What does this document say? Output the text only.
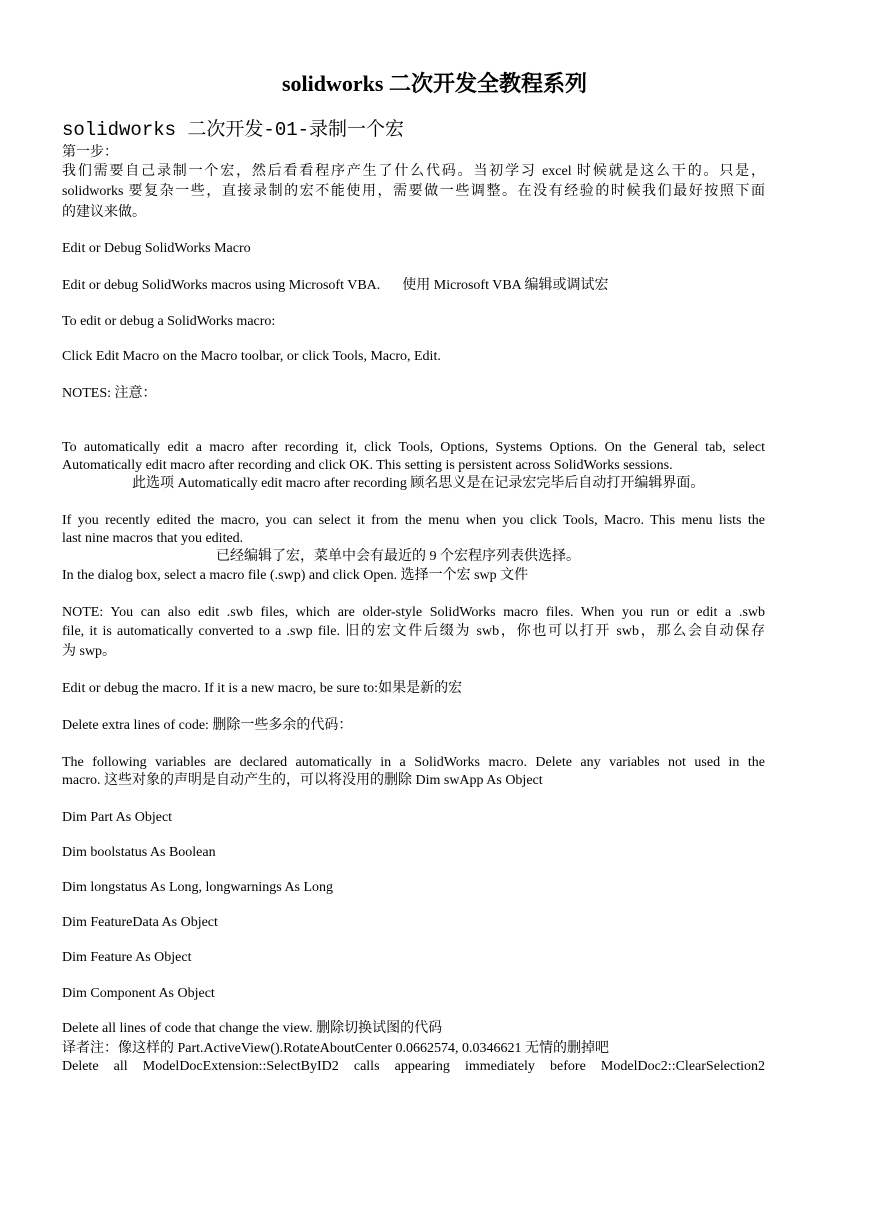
solidworks 二次开发全教程系列
solidworks 二次开发-01-录制一个宏
第一步：
我们需要自己录制一个宏，然后看看程序产生了什么代码。当初学习 excel 时候就是这么干的。只是，
solidworks 要复杂一些，直接录制的宏不能使用，需要做一些调整。在没有经验的时候我们最好按照下面
的建议来做。
Edit or Debug SolidWorks Macro
Edit or debug SolidWorks macros using Microsoft VBA. 使用 Microsoft VBA 编辑或调试宏
To edit or debug a SolidWorks macro:
Click Edit Macro on the Macro toolbar, or click Tools, Macro, Edit.
NOTES: 注意：
To automatically edit a macro after recording it, click Tools, Options, Systems Options. On the General tab, select
Automatically edit macro after recording and click OK. This setting is persistent across SolidWorks sessions.
此选项 Automatically edit macro after recording 顾名思义是在记录宏完毕后自动打开编辑界面。
If you recently edited the macro, you can select it from the menu when you click Tools, Macro. This menu lists the
last nine macros that you edited.
已经编辑了宏，菜单中会有最近的 9 个宏程序列表供选择。
In the dialog box, select a macro file (.swp) and click Open. 选择一个宏 swp 文件
NOTE: You can also edit .swb files, which are older-style SolidWorks macro files. When you run or edit a .swb
file, it is automatically converted to a .swp file. 旧的宏文件后缀为 swb，你也可以打开 swb，那么会自动保存
为 swp。
Edit or debug the macro. If it is a new macro, be sure to:如果是新的宏
Delete extra lines of code: 删除一些多余的代码：
The following variables are declared automatically in a SolidWorks macro. Delete any variables not used in the
macro. 这些对象的声明是自动产生的，可以将没用的删除 Dim swApp As Object
Dim Part As Object
Dim boolstatus As Boolean
Dim longstatus As Long, longwarnings As Long
Dim FeatureData As Object
Dim Feature As Object
Dim Component As Object
Delete all lines of code that change the view. 删除切换试图的代码
译者注：像这样的 Part.ActiveView().RotateAboutCenter 0.0662574, 0.0346621 无情的删掉吧
Delete all ModelDocExtension::SelectByID2 calls appearing immediately before ModelDoc2::ClearSelection2
